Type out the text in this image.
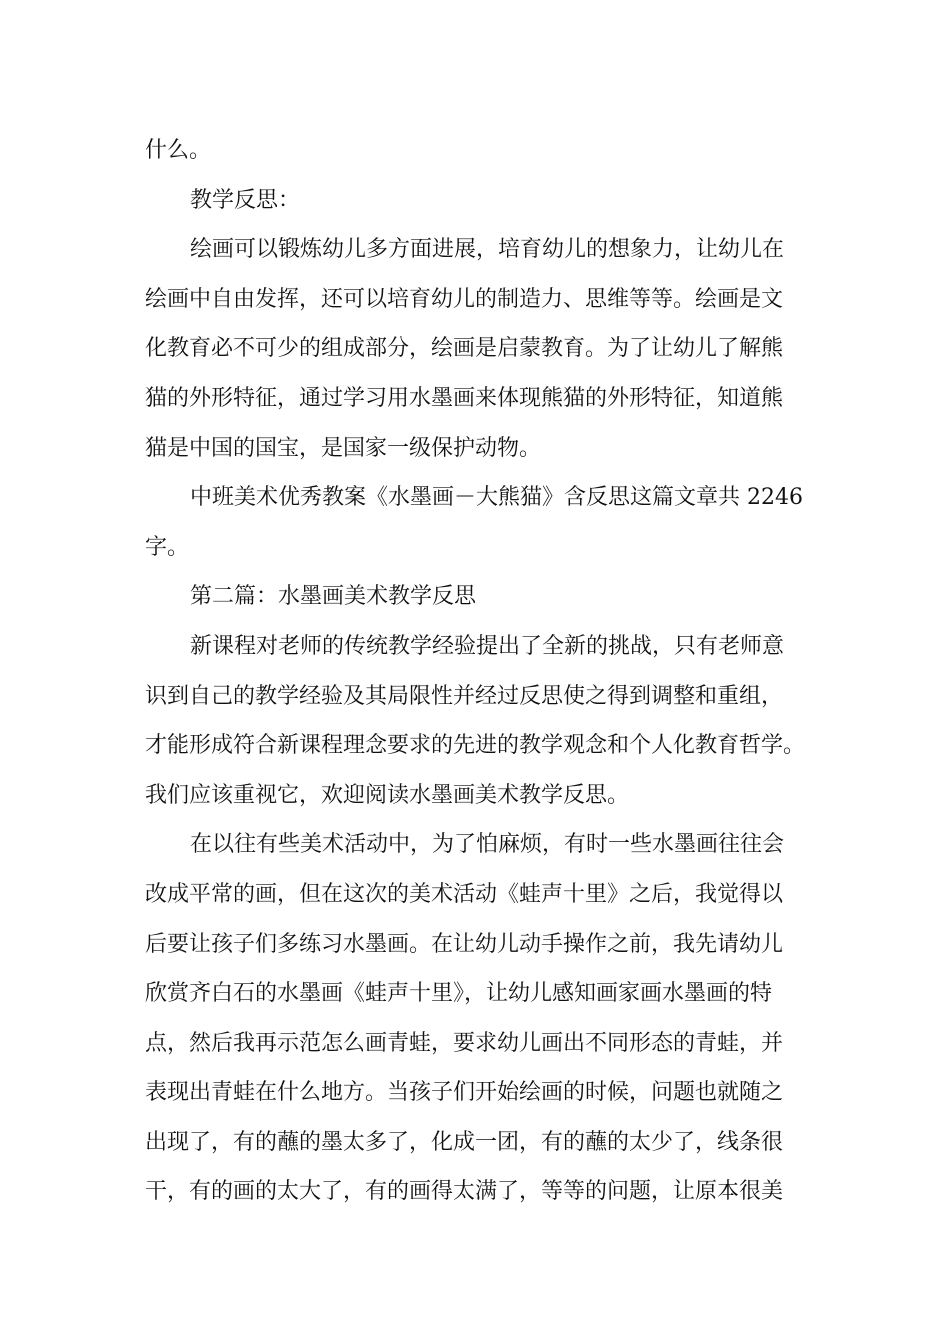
什么。
教学反思：
绘画可以锻炼幼儿多方面进展，培育幼儿的想象力，让幼儿在
绘画中自由发挥，还可以培育幼儿的制造力、思维等等。绘画是文
化教育必不可少的组成部分，绘画是启蒙教育。为了让幼儿了解熊
猫的外形特征，通过学习用水墨画来体现熊猫的外形特征，知道熊
猫是中国的国宝，是国家一级保护动物。
中班美术优秀教案《水墨画－大熊猫》含反思这篇文章共 2246
字。
第二篇：水墨画美术教学反思
新课程对老师的传统教学经验提出了全新的挑战，只有老师意
识到自己的教学经验及其局限性并经过反思使之得到调整和重组，
才能形成符合新课程理念要求的先进的教学观念和个人化教育哲学。
我们应该重视它，欢迎阅读水墨画美术教学反思。
在以往有些美术活动中，为了怕麻烦，有时一些水墨画往往会
改成平常的画，但在这次的美术活动《蛙声十里》之后，我觉得以
后要让孩子们多练习水墨画。在让幼儿动手操作之前，我先请幼儿
欣赏齐白石的水墨画《蛙声十里》，让幼儿感知画家画水墨画的特
点，然后我再示范怎么画青蛙，要求幼儿画出不同形态的青蛙，并
表现出青蛙在什么地方。当孩子们开始绘画的时候，问题也就随之
出现了，有的蘸的墨太多了，化成一团，有的蘸的太少了，线条很
干，有的画的太大了，有的画得太满了，等等的问题，让原本很美
